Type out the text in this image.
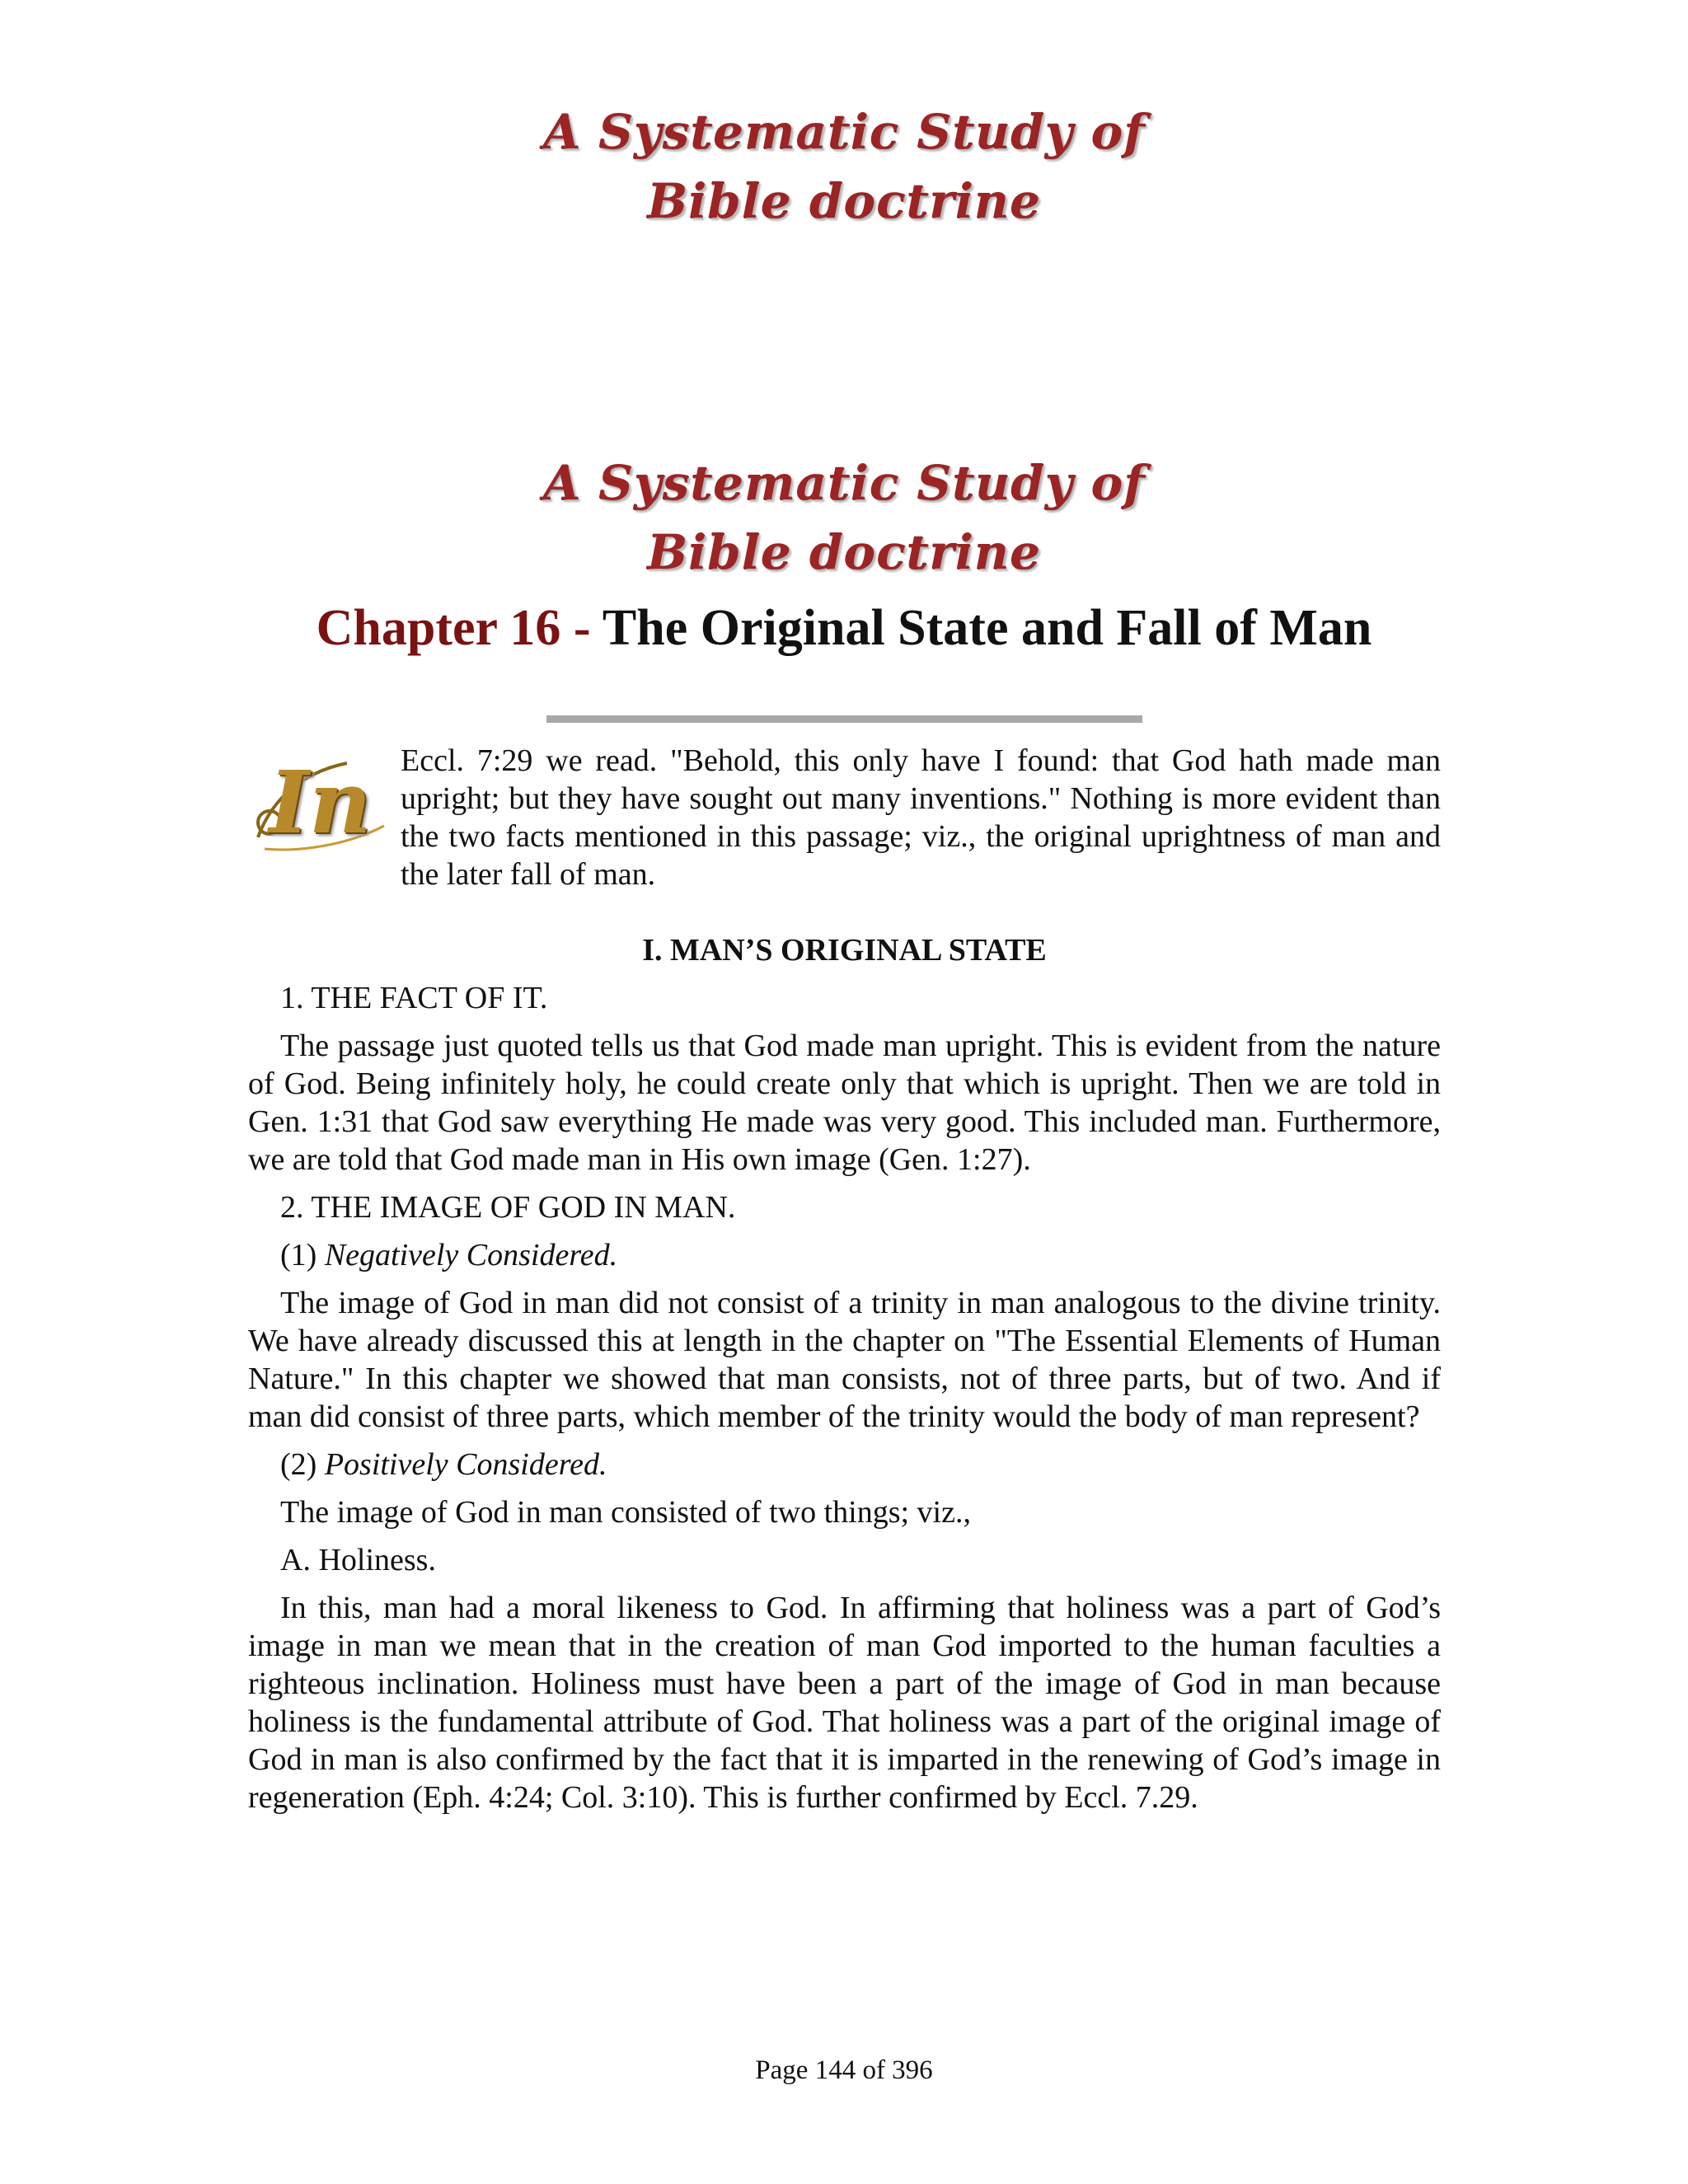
A Systematic Study of
Bible doctrine
A Systematic Study of
Bible doctrine
Chapter 16 - The Original State and Fall of Man

In Eccl. 7:29 we read. "Behold, this only have I found: that God hath made man upright; but they have sought out many inventions." Nothing is more evident than the two facts mentioned in this passage; viz., the original uprightness of man and the later fall of man.

I. MAN’S ORIGINAL STATE

1. THE FACT OF IT.

The passage just quoted tells us that God made man upright. This is evident from the nature of God. Being infinitely holy, he could create only that which is upright. Then we are told in Gen. 1:31 that God saw everything He made was very good. This included man. Furthermore, we are told that God made man in His own image (Gen. 1:27).

2. THE IMAGE OF GOD IN MAN.

(1) Negatively Considered.

The image of God in man did not consist of a trinity in man analogous to the divine trinity. We have already discussed this at length in the chapter on "The Essential Elements of Human Nature." In this chapter we showed that man consists, not of three parts, but of two. And if man did consist of three parts, which member of the trinity would the body of man represent?

(2) Positively Considered.

The image of God in man consisted of two things; viz.,

A. Holiness.

In this, man had a moral likeness to God. In affirming that holiness was a part of God’s image in man we mean that in the creation of man God imported to the human faculties a righteous inclination. Holiness must have been a part of the image of God in man because holiness is the fundamental attribute of God. That holiness was a part of the original image of God in man is also confirmed by the fact that it is imparted in the renewing of God’s image in regeneration (Eph. 4:24; Col. 3:10). This is further confirmed by Eccl. 7.29.

Page 144 of 396
